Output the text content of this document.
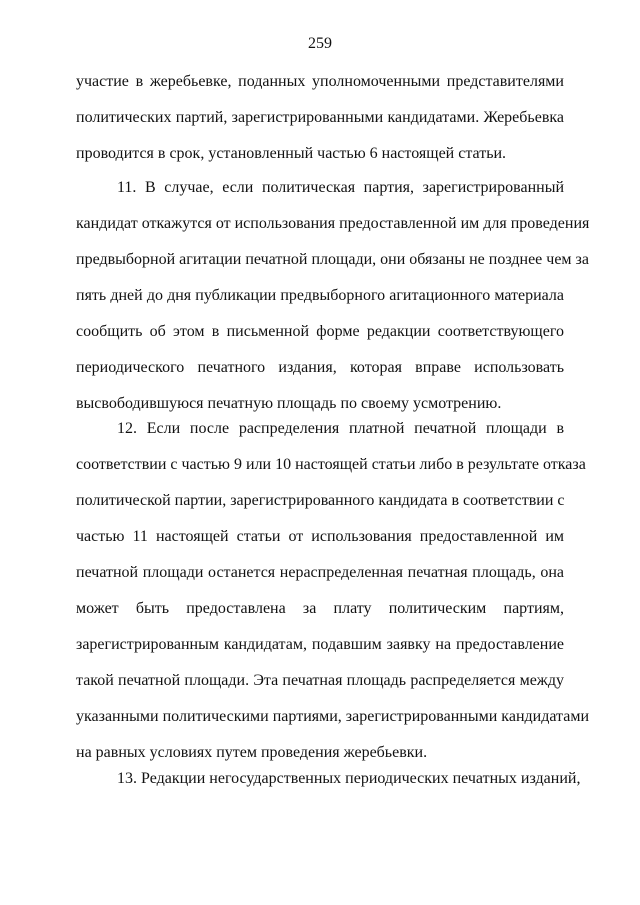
259
участие в жеребьевке, поданных уполномоченными представителями
политических партий, зарегистрированными кандидатами. Жеребьевка
проводится в срок, установленный частью 6 настоящей статьи.
11. В случае, если политическая партия, зарегистрированный
кандидат откажутся от использования предоставленной им для проведения
предвыборной агитации печатной площади, они обязаны не позднее чем за
пять дней до дня публикации предвыборного агитационного материала
сообщить об этом в письменной форме редакции соответствующего
периодического печатного издания, которая вправе использовать
высвободившуюся печатную площадь по своему усмотрению.
12. Если после распределения платной печатной площади в
соответствии с частью 9 или 10 настоящей статьи либо в результате отказа
политической партии, зарегистрированного кандидата в соответствии с
частью 11 настоящей статьи от использования предоставленной им
печатной площади останется нераспределенная печатная площадь, она
может быть предоставлена за плату политическим партиям,
зарегистрированным кандидатам, подавшим заявку на предоставление
такой печатной площади. Эта печатная площадь распределяется между
указанными политическими партиями, зарегистрированными кандидатами
на равных условиях путем проведения жеребьевки.
13. Редакции негосударственных периодических печатных изданий,
